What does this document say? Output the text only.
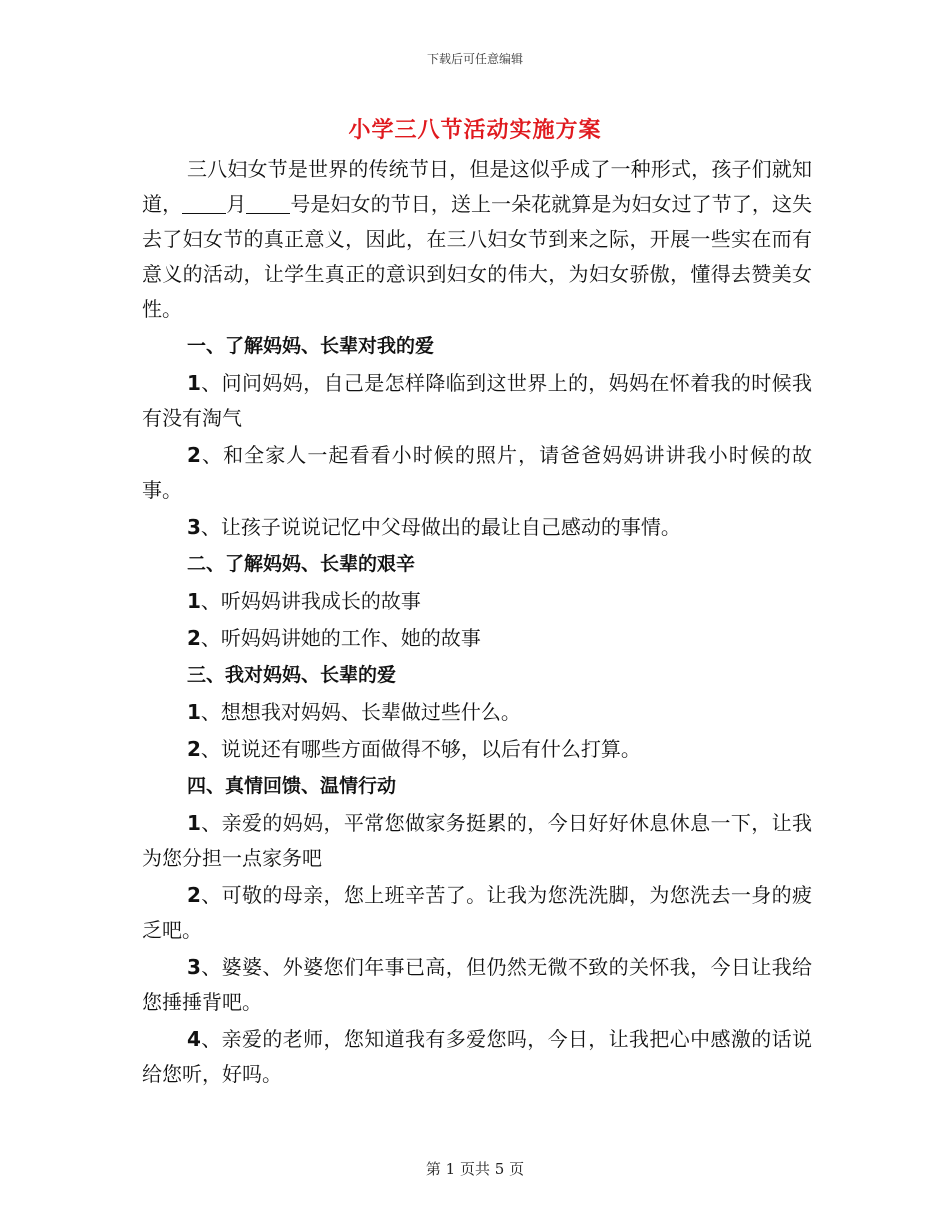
下载后可任意编辑
小学三八节活动实施方案

三八妇女节是世界的传统节日，但是这似乎成了一种形式，孩子们就知道， 月 号是妇女的节日，送上一朵花就算是为妇女过了节了，这失去了妇女节的真正意义，因此，在三八妇女节到来之际，开展一些实在而有意义的活动，让学生真正的意识到妇女的伟大，为妇女骄傲，懂得去赞美女性。

一、了解妈妈、长辈对我的爱

1、问问妈妈，自己是怎样降临到这世界上的，妈妈在怀着我的时候我有没有淘气

2、和全家人一起看看小时候的照片，请爸爸妈妈讲讲我小时候的故事。

3、让孩子说说记忆中父母做出的最让自己感动的事情。

二、了解妈妈、长辈的艰辛

1、听妈妈讲我成长的故事

2、听妈妈讲她的工作、她的故事

三、我对妈妈、长辈的爱

1、想想我对妈妈、长辈做过些什么。

2、说说还有哪些方面做得不够，以后有什么打算。

四、真情回馈、温情行动

1、亲爱的妈妈，平常您做家务挺累的，今日好好休息休息一下，让我为您分担一点家务吧

2、可敬的母亲，您上班辛苦了。让我为您洗洗脚，为您洗去一身的疲乏吧。

3、婆婆、外婆您们年事已高，但仍然无微不致的关怀我，今日让我给您捶捶背吧。

4、亲爱的老师，您知道我有多爱您吗，今日，让我把心中感激的话说给您听，好吗。

第 1 页共 5 页
